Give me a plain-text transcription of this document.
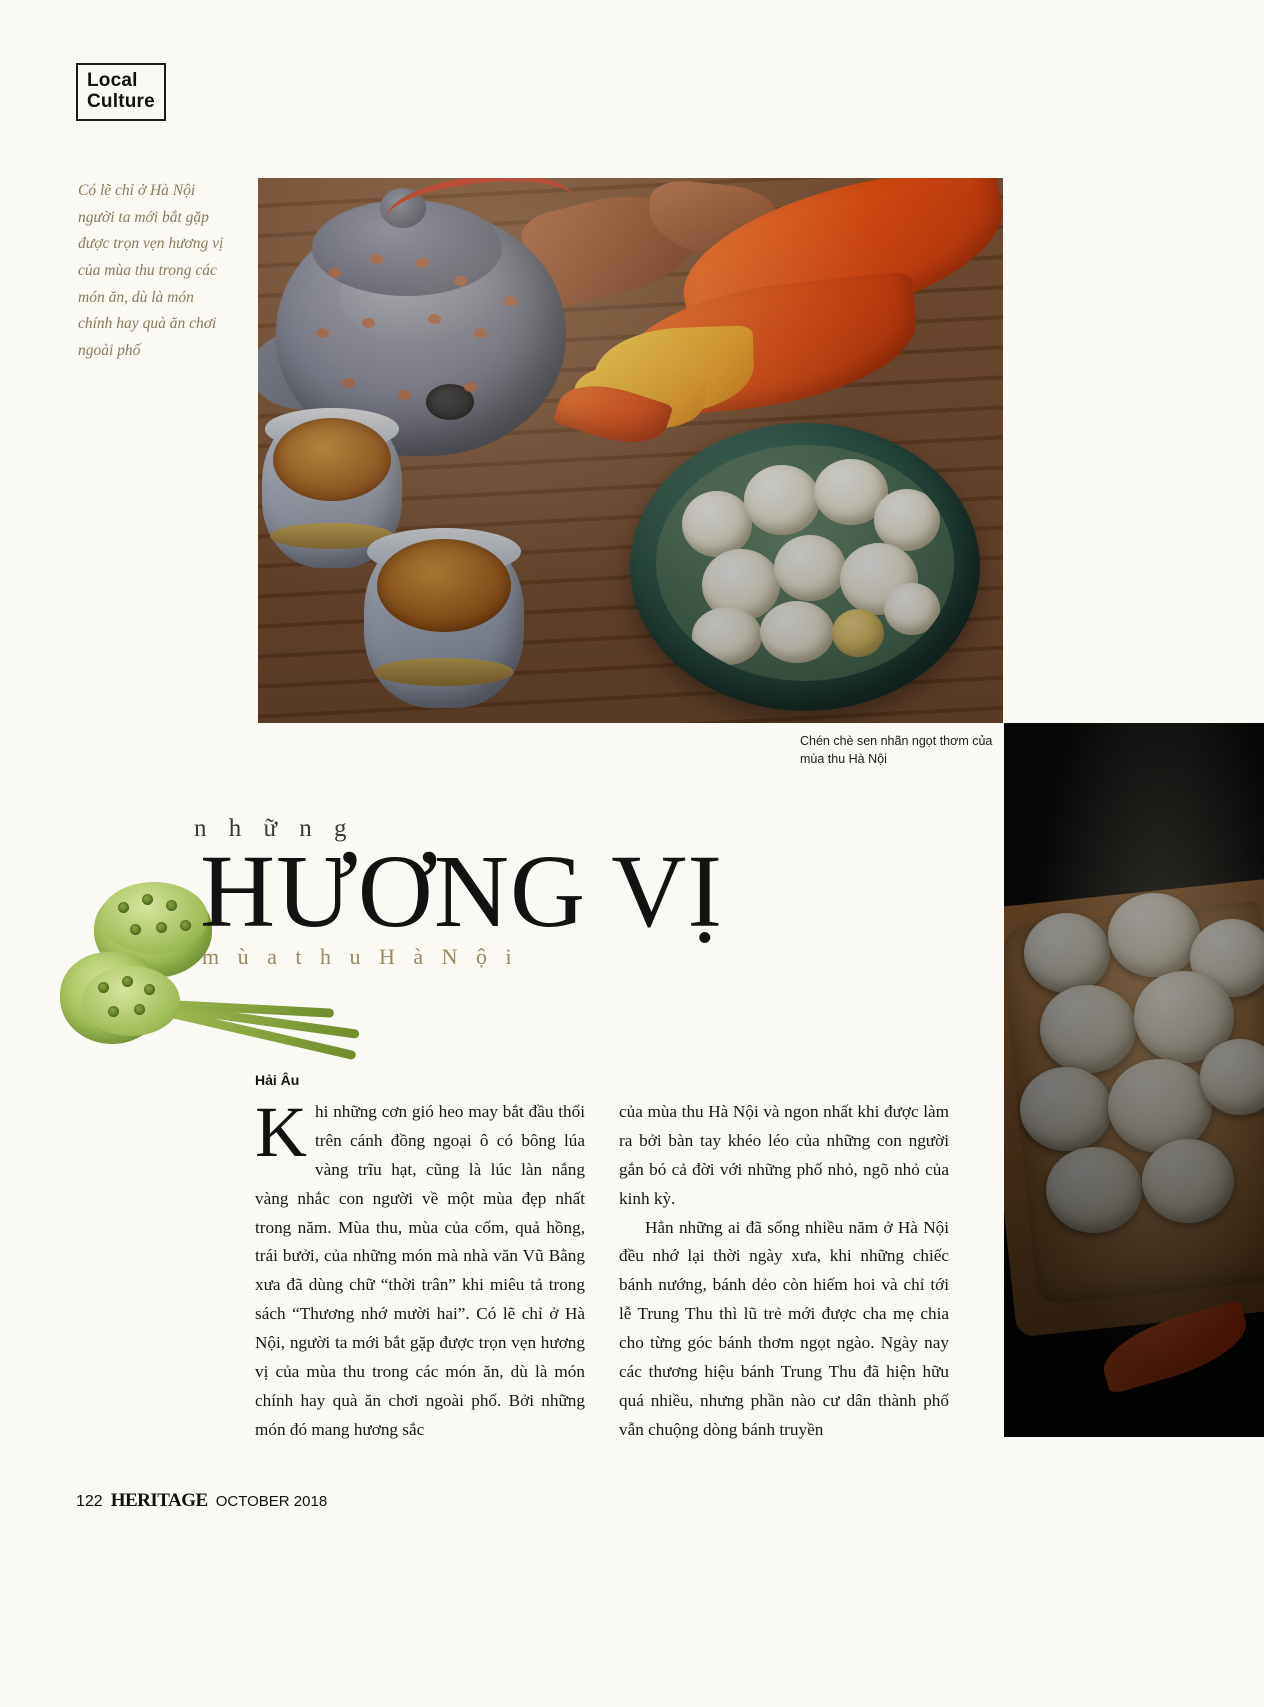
Local
Culture
Có lẽ chỉ ở Hà Nội người ta mới bắt gặp được trọn vẹn hương vị của mùa thu trong các món ăn, dù là món chính hay quà ăn chơi ngoài phố
Chén chè sen nhãn ngọt thơm của mùa thu Hà Nội
n h ữ n g
HƯƠNG VỊ
m ù a t h u H à N ộ i
Hải Âu

Khi những cơn gió heo may bắt đầu thổi trên cánh đồng ngoại ô có bông lúa vàng trĩu hạt, cũng là lúc làn nắng vàng nhắc con người về một mùa đẹp nhất trong năm. Mùa thu, mùa của cốm, quả hồng, trái bưởi, của những món mà nhà văn Vũ Bằng xưa đã dùng chữ “thời trân” khi miêu tả trong sách “Thương nhớ mười hai”. Có lẽ chỉ ở Hà Nội, người ta mới bắt gặp được trọn vẹn hương vị của mùa thu trong các món ăn, dù là món chính hay quà ăn chơi ngoài phố. Bởi những món đó mang hương sắc

của mùa thu Hà Nội và ngon nhất khi được làm ra bởi bàn tay khéo léo của những con người gắn bó cả đời với những phố nhỏ, ngõ nhỏ của kinh kỳ.

Hẳn những ai đã sống nhiều năm ở Hà Nội đều nhớ lại thời ngày xưa, khi những chiếc bánh nướng, bánh dẻo còn hiếm hoi và chỉ tới lễ Trung Thu thì lũ trẻ mới được cha mẹ chia cho từng góc bánh thơm ngọt ngào. Ngày nay các thương hiệu bánh Trung Thu đã hiện hữu quá nhiều, nhưng phần nào cư dân thành phố vẫn chuộng dòng bánh truyền

122 HERITAGE OCTOBER 2018
